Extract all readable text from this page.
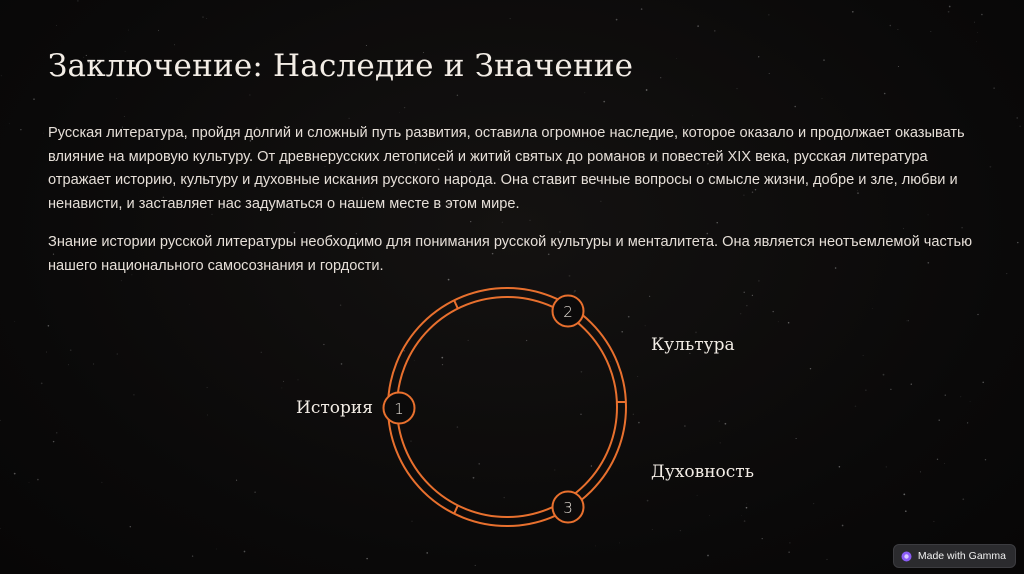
Заключение: Наследие и Значение

Русская литература, пройдя долгий и сложный путь развития, оставила огромное наследие, которое оказало и продолжает оказывать влияние на мировую культуру. От древнерусских летописей и житий святых до романов и повестей XIX века, русская литература отражает историю, культуру и духовные искания русского народа. Она ставит вечные вопросы о смысле жизни, добре и зле, любви и ненависти, и заставляет нас задуматься о нашем месте в этом мире.

Знание истории русской литературы необходимо для понимания русской культуры и менталитета. Она является неотъемлемой частью нашего национального самосознания и гордости.

1
2
3
История
Культура
Духовность
Made with Gamma
